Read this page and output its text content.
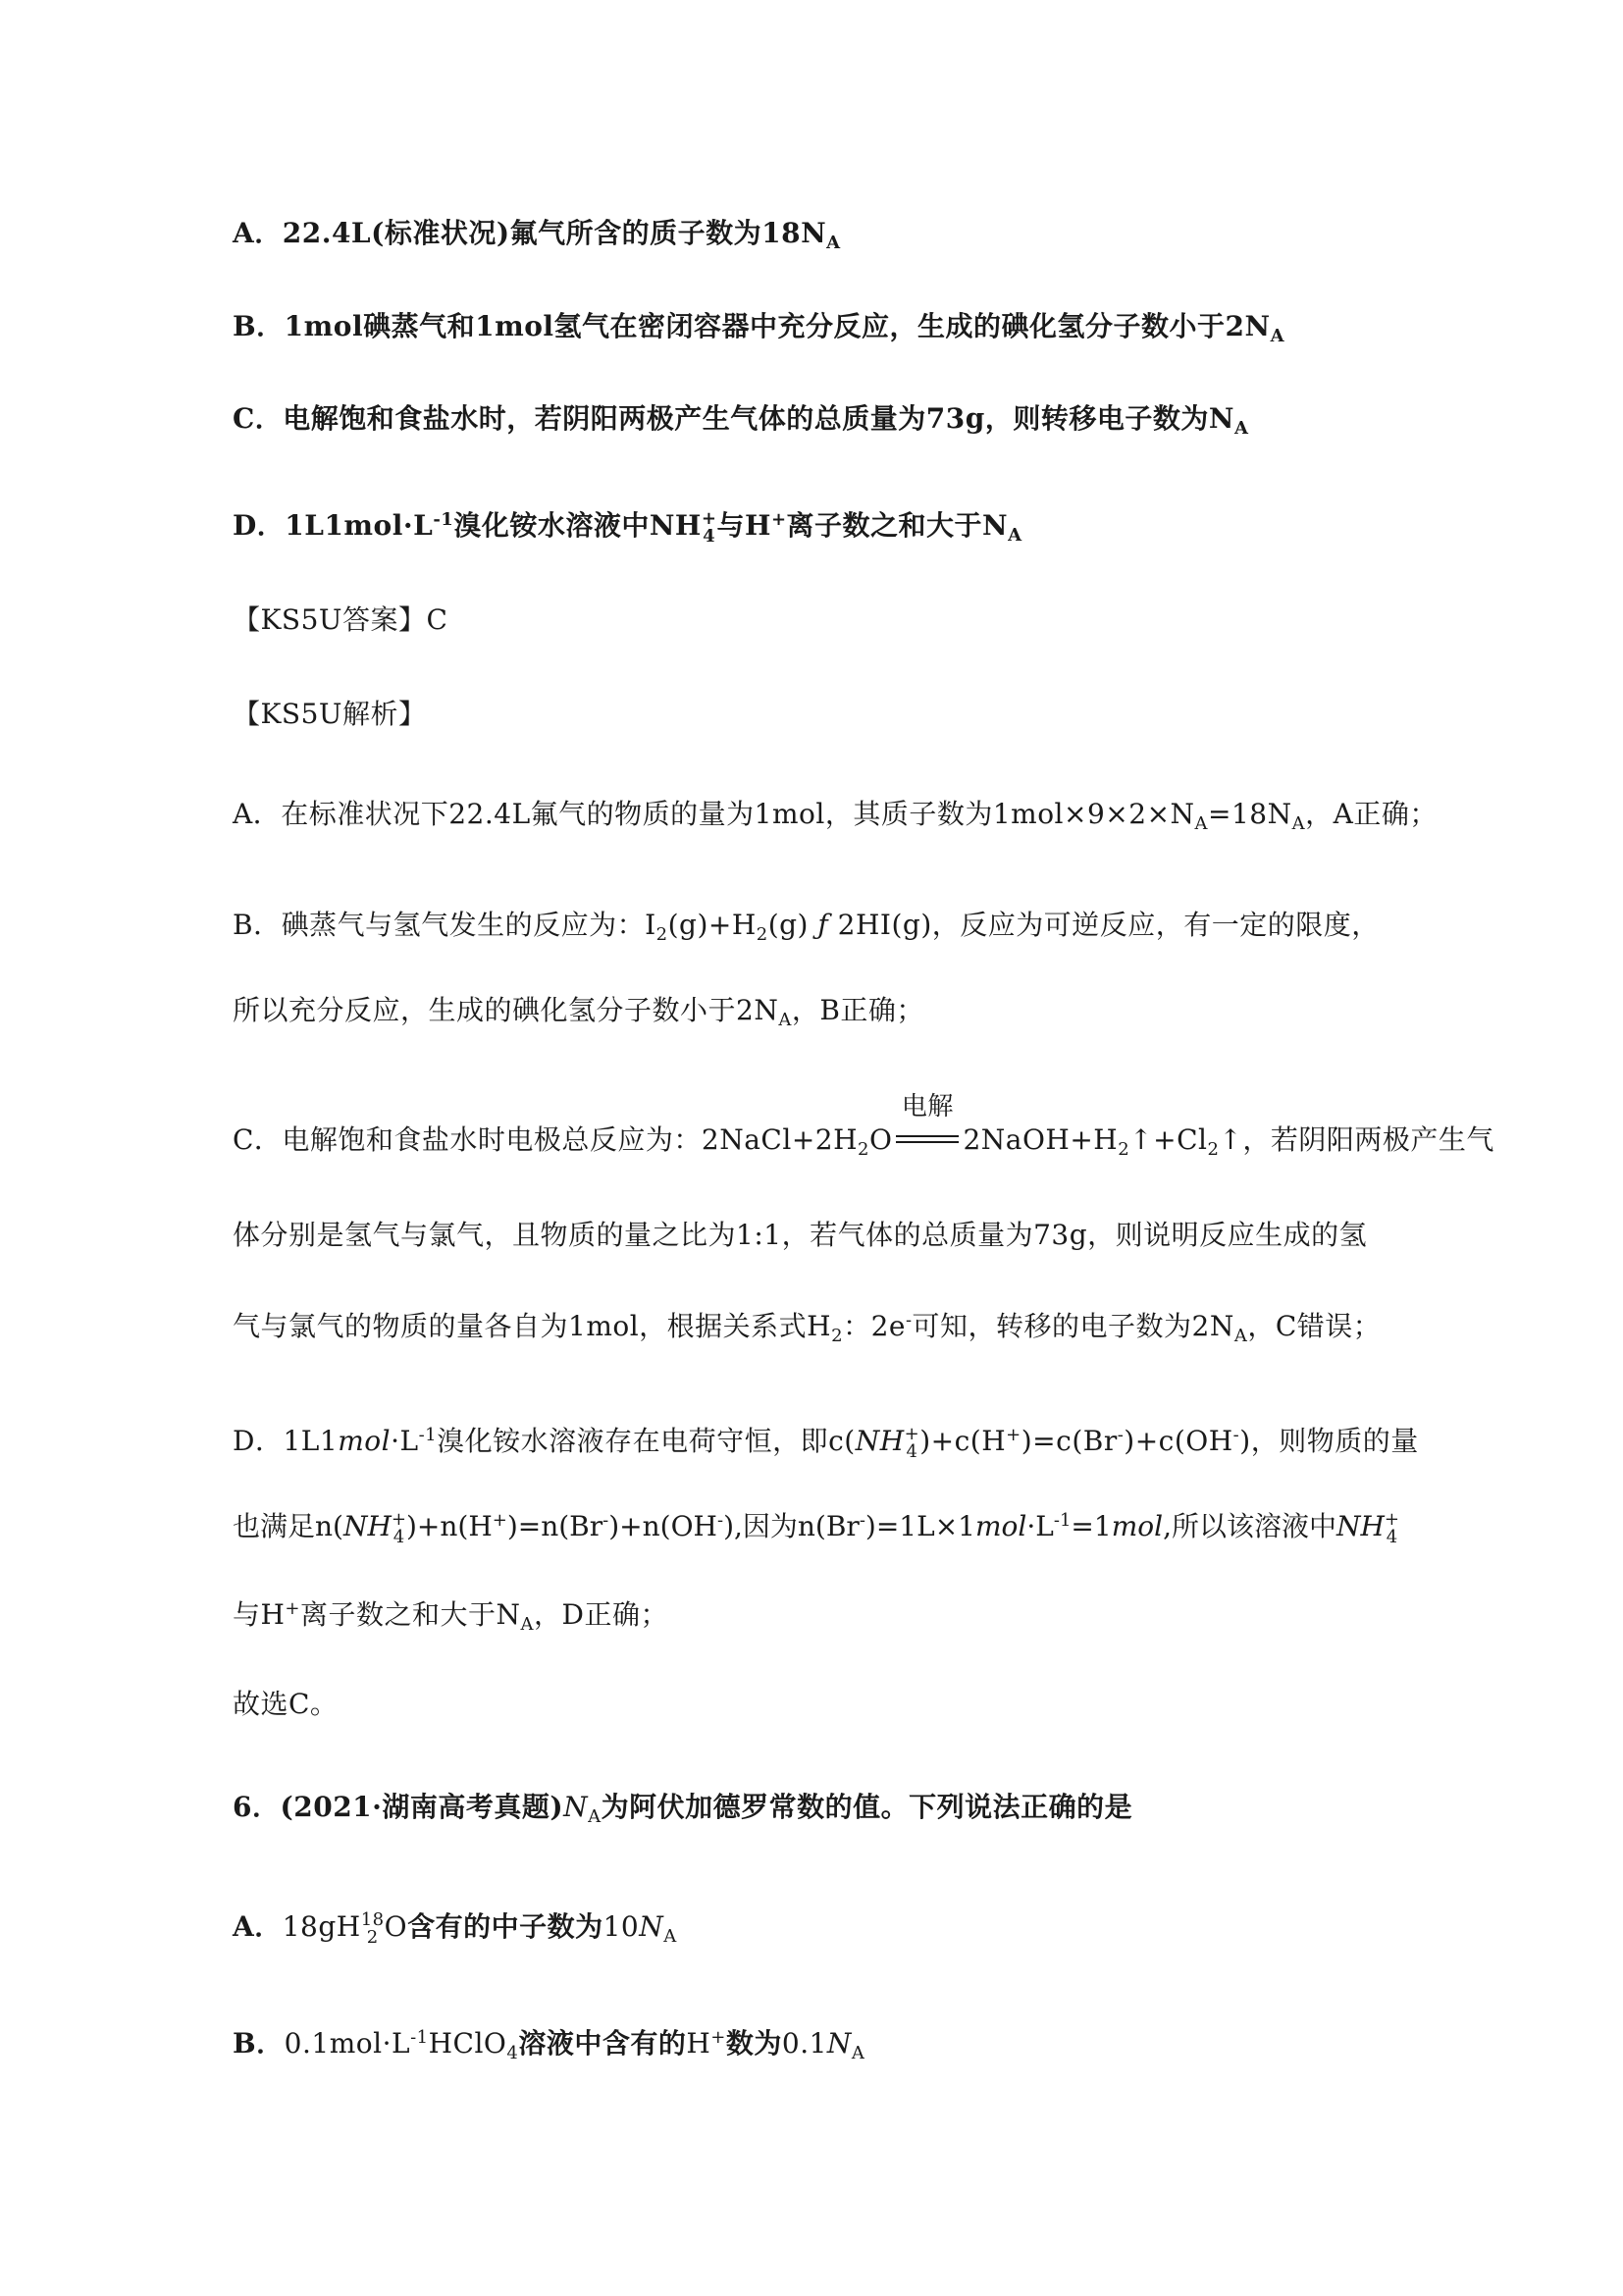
A．22.4L(标准状况)氟气所含的质子数为$18N_A$
B．1mol碘蒸气和1mol氢气在密闭容器中充分反应，生成的碘化氢分子数小于$2N_A$
C．电解饱和食盐水时，若阴阳两极产生气体的总质量为73g，则转移电子数为$N_A$
D．$1L1mol\cdot L^{-1}$溴化铵水溶液中NH+
4与H+离子数之和大于$N_A$
【KS5U答案】C
【KS5U解析】
A．在标准状况下22.4L氟气的物质的量为1mol，其质子数为$1mol\times 9\times 2\times N_A=18N_A$，A正确；
B．碘蒸气与氢气发生的反应为：$I_2(g)+H_2(g)$ ƒ 2HI(g)，反应为可逆反应，有一定的限度，
所以充分反应，生成的碘化氢分子数小于$2N_A$，B正确；
C．电解饱和食盐水时电极总反应为：$2NaCl+2H_2O$
电解
$2NaOH+H_2↑+Cl_2↑$，若阴阳两极产生气
体分别是氢气与氯气，且物质的量之比为1:1，若气体的总质量为73g，则说明反应生成的氢
气与氯气的物质的量各自为1mol，根据关系式$H_2$：2e-可知，转移的电子数为$2N_A$，C错误；
D．$1L1mol\cdot L^{-1}$溴化铵水溶液存在电荷守恒，即c(NH+
4)+c(H+)=c(Br-)+c(OH-)，则物质的量
也满足n(NH+
4)+n(H+)=n(Br-)+n(OH-),因为$n(Br^-)=1L\times 1mol\cdot L^{-1}=1mol$,所以该溶液中NH+
4
与H+离子数之和大于$N_A$，D正确；
故选C。
6．(2021·湖南高考真题)$N_A$为阿伏加德罗常数的值。下列说法正确的是
A．18gH18
2 O含有的中子数为$10N_A$
B．$0.1mol\cdot L^{-1}HClO_4$溶液中含有的H+数为$0.1N_A$
